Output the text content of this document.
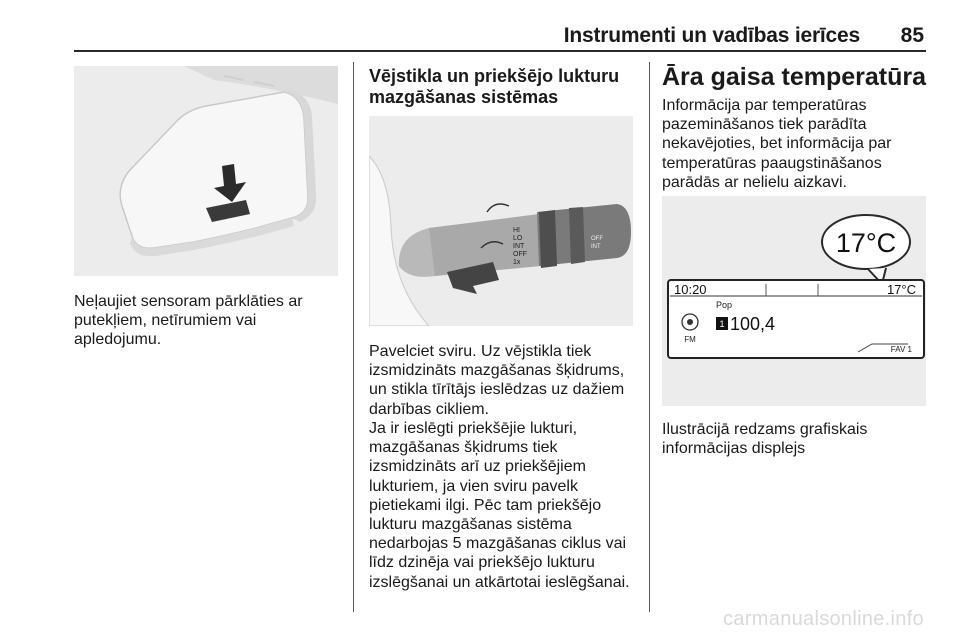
Instrumenti un vadības ierīces	85

Neļaujiet sensoram pārklāties ar putekļiem, netīrumiem vai apledojumu.

Vējstikla un priekšējo lukturu mazgāšanas sistēmas

HI
LO
INT
OFF
1x
OFF
INT

Pavelciet sviru. Uz vējstikla tiek izsmidzināts mazgāšanas šķidrums, un stikla tīrītājs ieslēdzas uz dažiem darbības cikliem.

Ja ir ieslēgti priekšējie lukturi, mazgāšanas šķidrums tiek izsmidzināts arī uz priekšējiem lukturiem, ja vien sviru pavelk pietiekami ilgi. Pēc tam priekšējo lukturu mazgāšanas sistēma nedarbojas 5 mazgāšanas ciklus vai līdz dzinēja vai priekšējo lukturu izslēgšanai un atkārtotai ieslēgšanai.

Āra gaisa temperatūra

Informācija par temperatūras pazemināšanos tiek parādīta nekavējoties, bet informācija par temperatūras paaugstināšanos parādās ar nelielu aizkavi.

17°C
10:20	17°C
FM
Pop
1 100,4
FAV 1

Ilustrācijā redzams grafiskais informācijas displejs

carmanualsonline.info
